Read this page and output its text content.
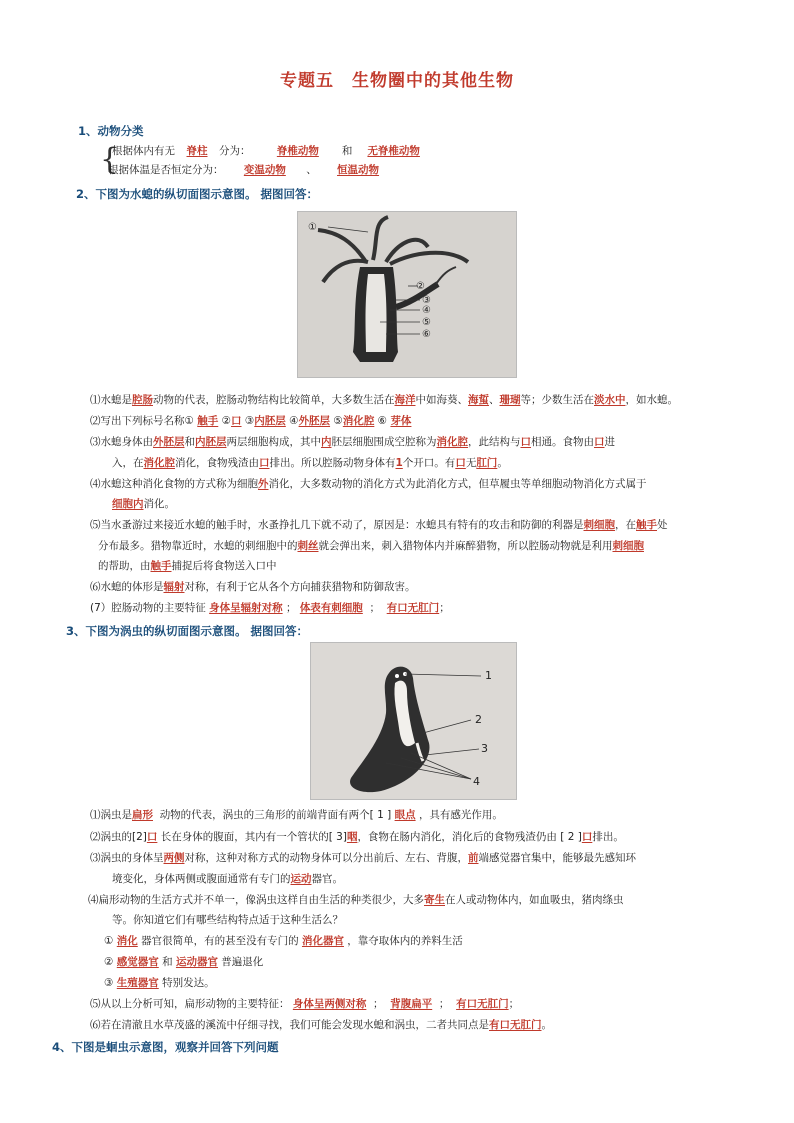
专题五　生物圈中的其他生物
1、动物分类
{
根据体内有无 脊柱 分为：	脊椎动物 和 无脊椎动物
根据体温是否恒定分为： 变温动物 、 恒温动物
2、下图为水螅的纵切面图示意图。 据图回答：
①
②
③
④
⑤
⑥
⑴水螅是腔肠动物的代表，腔肠动物结构比较简单，大多数生活在海洋中如海葵、海蜇、珊瑚等；少数生活在淡水中，如水螅。
⑵写出下列标号名称① 触手 ②口 ③内胚层 ④外胚层 ⑤消化腔 ⑥ 芽体
⑶水螅身体由外胚层和内胚层两层细胞构成，其中内胚层细胞围成空腔称为消化腔，此结构与口相通。食物由口进
入，在消化腔消化，食物残渣由口排出。所以腔肠动物身体有1个开口。有口无肛门。
⑷水螅这种消化食物的方式称为细胞外消化，大多数动物的消化方式为此消化方式，但草履虫等单细胞动物消化方式属于
细胞内消化。
⑸当水蚤游过来接近水螅的触手时，水蚤挣扎几下就不动了，原因是：水螅具有特有的攻击和防御的利器是刺细胞，在触手处
分布最多。猎物靠近时，水螅的刺细胞中的刺丝就会弹出来，刺入猎物体内并麻醉猎物，所以腔肠动物就是利用刺细胞
的帮助，由触手捕捉后将食物送入口中
⑹水螅的体形是辐射对称，有利于它从各个方向捕获猎物和防御敌害。
(7）腔肠动物的主要特征 身体呈辐射对称 ； 体表有刺细胞 ； 有口无肛门；
3、下图为涡虫的纵切面图示意图。 据图回答：
1
2
3
4
⑴涡虫是扁形 动物的代表，涡虫的三角形的前端背面有两个[ 1 ] 眼点 ，具有感光作用。
⑵涡虫的[2]口 长在身体的腹面，其内有一个管状的[ 3]咽，食物在肠内消化，消化后的食物残渣仍由 [ 2 ]口排出。
⑶涡虫的身体呈两侧对称，这种对称方式的动物身体可以分出前后、左右、背腹，前端感觉器官集中，能够最先感知环
境变化，身体两侧或腹面通常有专门的运动器官。
⑷扁形动物的生活方式并不单一，像涡虫这样自由生活的种类很少，大多寄生在人或动物体内，如血吸虫，猪肉绦虫
等。你知道它们有哪些结构特点适于这种生活么？
① 消化 器官很简单，有的甚至没有专门的 消化器官 ，靠夺取体内的养料生活
② 感觉器官 和 运动器官 普遍退化
③ 生殖器官 特别发达。
⑸从以上分析可知，扁形动物的主要特征： 身体呈两侧对称 ； 背腹扁平 ； 有口无肛门；
⑹若在清澈且水草茂盛的溪流中仔细寻找，我们可能会发现水螅和涡虫，二者共同点是有口无肛门。
4、下图是蛔虫示意图，观察并回答下列问题
